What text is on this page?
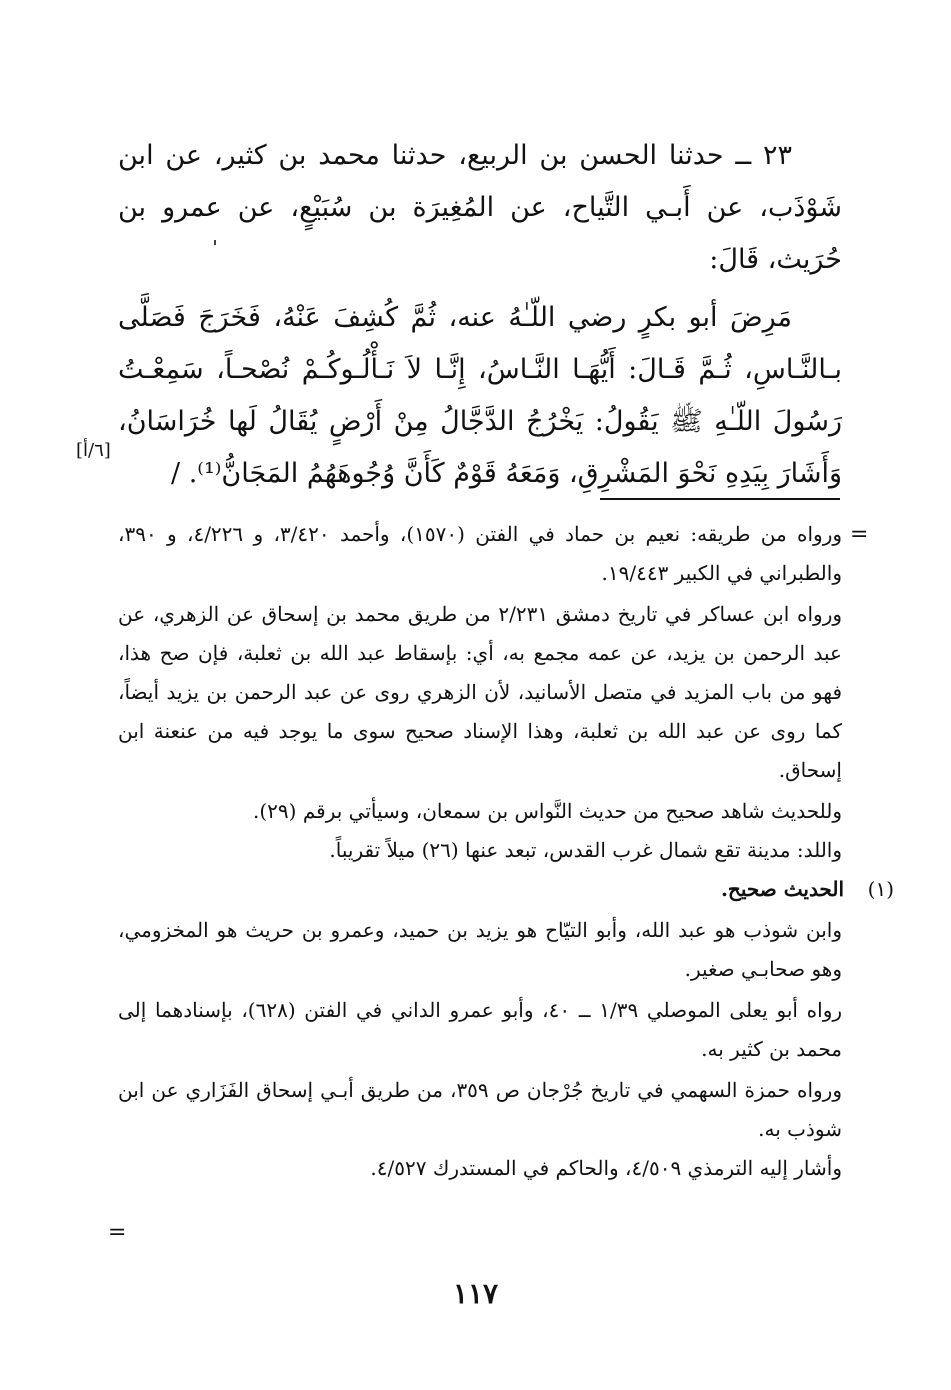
٢٣ ــ حدثنا الحسن بن الربيع، حدثنا محمد بن كثير، عن ابن شَوْذَب، عن أَبـي التَّياح، عن المُغِيرَة بن سُبَيْعٍ، عن عمرو بن حُرَيث، قَالَ:

مَرِضَ أبو بكرٍ رضي اللّـٰهُ عنه، ثُمَّ كُشِفَ عَنْهُ، فَخَرَجَ فَصَلَّى بـالنَّـاسِ، ثُـمَّ قَـالَ: أَيُّهَـا النَّـاسُ، إِنَّـا لاَ نَـأْلُـوكُـمْ نُصْحـاً، سَمِعْـتُ رَسُولَ اللّـٰهِ ﷺ يَقُولُ: يَخْرُجُ الدَّجَّالُ مِنْ أَرْضٍ يُقَالُ لَها خُرَاسَانُ، وَأَشَارَ بِيَدِهِ نَحْوَ المَشْرِقِ، وَمَعَهُ قَوْمٌ كَأَنَّ وُجُوهَهُمُ المَجَانُّ⁽¹⁾. /

[٦/أ]
=

ورواه من طريقه: نعيم بن حماد في الفتن (١٥٧٠)، وأحمد ٣/٤٢٠، و ٤/٢٢٦، و ٣٩٠، والطبراني في الكبير ١٩/٤٤٣.

ورواه ابن عساكر في تاريخ دمشق ٢/٢٣١ من طريق محمد بن إسحاق عن الزهري، عن عبد الرحمن بن يزيد، عن عمه مجمع به، أي: بإسقاط عبد الله بن ثعلبة، فإن صح هذا، فهو من باب المزيد في متصل الأسانيد، لأن الزهري روى عن عبد الرحمن بن يزيد أيضاً، كما روى عن عبد الله بن ثعلبة، وهذا الإسناد صحيح سوى ما يوجد فيه من عنعنة ابن إسحاق.

وللحديث شاهد صحيح من حديث النَّواس بن سمعان، وسيأتي برقم (٢٩).

واللد: مدينة تقع شمال غرب القدس، تبعد عنها (٢٦) ميلاً تقريباً.

(١)
الحديث صحيح.

وابن شوذب هو عبد الله، وأبو التيّاح هو يزيد بن حميد، وعمرو بن حريث هو المخزومي، وهو صحابـي صغير.

رواه أبو يعلى الموصلي ١/٣٩ ــ ٤٠، وأبو عمرو الداني في الفتن (٦٢٨)، بإسنادهما إلى محمد بن كثير به.

ورواه حمزة السهمي في تاريخ جُرْجان ص ٣٥٩، من طريق أبـي إسحاق الفَزَاري عن ابن شوذب به.

وأشار إليه الترمذي ٤/٥٠٩، والحاكم في المستدرك ٤/٥٢٧.

=
١١٧
